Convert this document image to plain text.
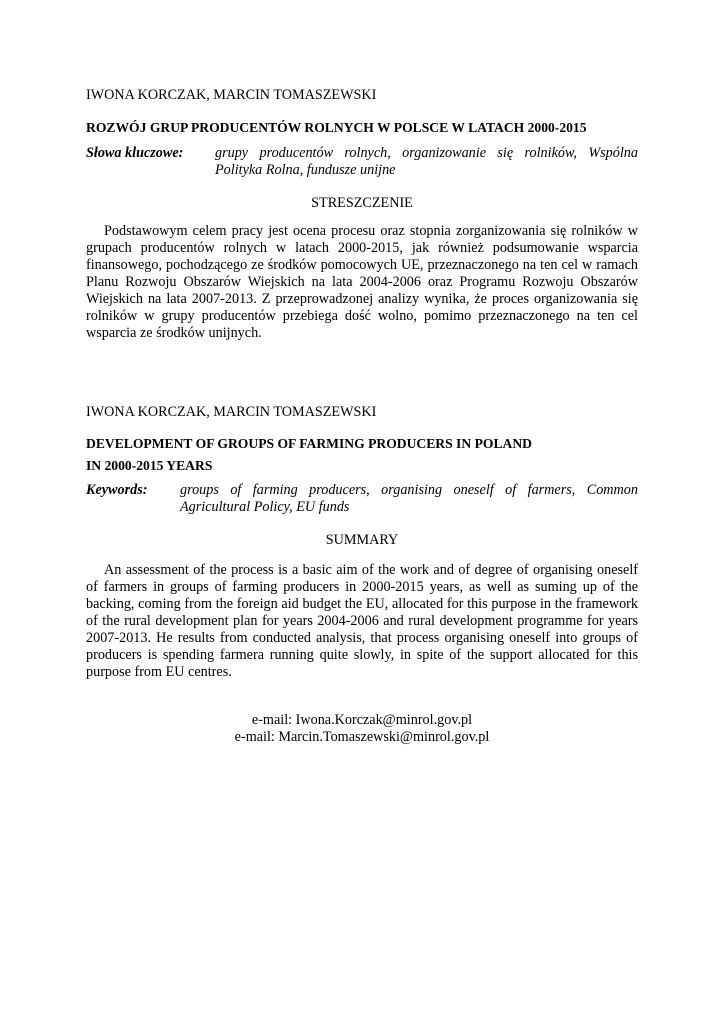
IWONA KORCZAK, MARCIN TOMASZEWSKI
ROZWÓJ GRUP PRODUCENTÓW ROLNYCH W POLSCE W LATACH 2000-2015
Słowa kluczowe: grupy producentów rolnych, organizowanie się rolników, Wspólna Polityka Rolna, fundusze unijne
STRESZCZENIE
Podstawowym celem pracy jest ocena procesu oraz stopnia zorganizowania się rolników w grupach producentów rolnych w latach 2000-2015, jak również podsumowanie wsparcia finansowego, pochodzącego ze środków pomocowych UE, przeznaczonego na ten cel w ramach Planu Rozwoju Obszarów Wiejskich na lata 2004-2006 oraz Programu Rozwoju Obszarów Wiejskich na lata 2007-2013. Z przeprowadzonej analizy wynika, że proces organizowania się rolników w grupy producentów przebiega dość wolno, pomimo przeznaczonego na ten cel wsparcia ze środków unijnych.
IWONA KORCZAK, MARCIN TOMASZEWSKI
DEVELOPMENT OF GROUPS OF FARMING PRODUCERS IN POLAND
IN 2000-2015 YEARS
Keywords: groups of farming producers, organising oneself of farmers, Common Agricultural Policy, EU funds
SUMMARY
An assessment of the process is a basic aim of the work and of degree of organising oneself of farmers in groups of farming producers in 2000-2015 years, as well as suming up of the backing, coming from the foreign aid budget the EU, allocated for this purpose in the framework of the rural development plan for years 2004-2006 and rural development programme for years 2007-2013. He results from conducted analysis, that process organising oneself into groups of producers is spending farmera running quite slowly, in spite of the support allocated for this purpose from EU centres.
e-mail: Iwona.Korczak@minrol.gov.pl
e-mail: Marcin.Tomaszewski@minrol.gov.pl
